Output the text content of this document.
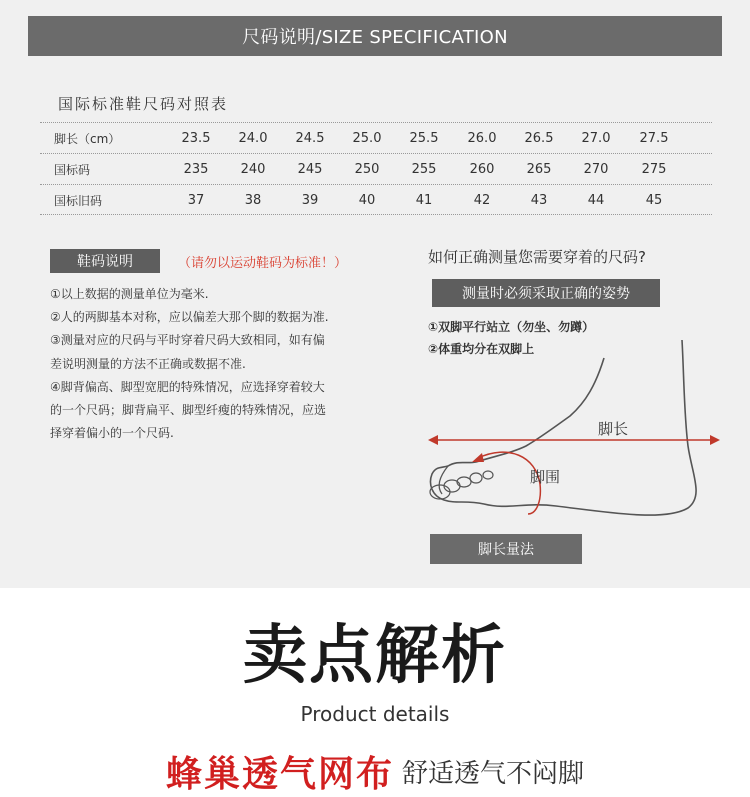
尺码说明/SIZE SPECIFICATION
国际标准鞋尺码对照表
脚长（cm）	23.5	24.0	24.5	25.0	25.5	26.0	26.5	27.0	27.5
国标码	235	240	245	250	255	260	265	270	275
国标旧码	37	38	39	40	41	42	43	44	45
鞋码说明	（请勿以运动鞋码为标准！）
①以上数据的测量单位为毫米.
②人的两脚基本对称，应以偏差大那个脚的数据为准.
③测量对应的尺码与平时穿着尺码大致相同，如有偏
差说明测量的方法不正确或数据不准.
④脚背偏高、脚型宽肥的特殊情况，应选择穿着较大
的一个尺码；脚背扁平、脚型纤瘦的特殊情况，应选
择穿着偏小的一个尺码.
如何正确测量您需要穿着的尺码?
测量时必须采取正确的姿势
①双脚平行站立（勿坐、勿蹲）
②体重均分在双脚上
脚长
脚围
脚长量法
卖点解析
Product details
蜂巢透气网布 舒适透气不闷脚
